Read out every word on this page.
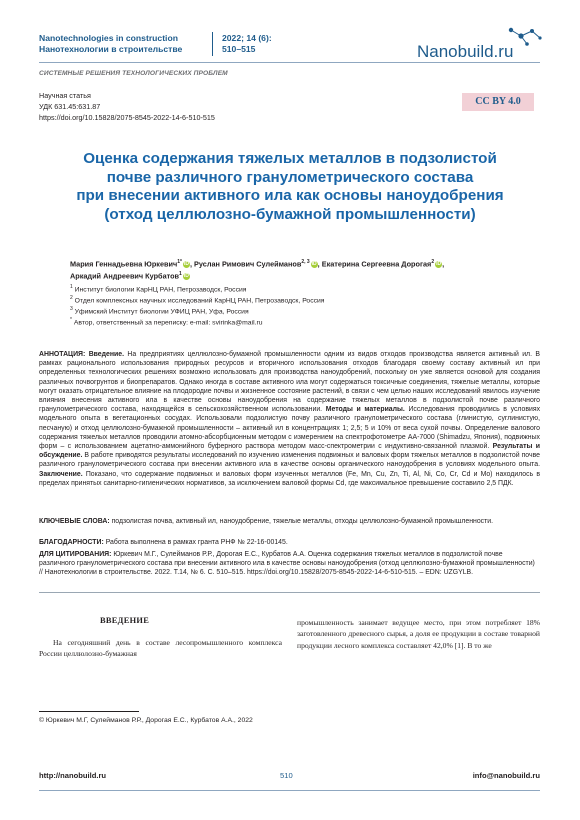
Nanotechnologies in construction
Нанотехнологии в строительстве
2022; 14 (6):
510–515	Nanobuild.ru
СИСТЕМНЫЕ РЕШЕНИЯ ТЕХНОЛОГИЧЕСКИХ ПРОБЛЕМ
Научная статья
УДК 631.45:631.87
https://doi.org/10.15828/2075-8545-2022-14-6-510-515
CC BY 4.0
Оценка содержания тяжелых металлов в подзолистой
почве различного гранулометрического состава
при внесении активного ила как основы наноудобрения
(отход целлюлозно-бумажной промышленности)
Мария Геннадьевна Юркевич$^{1*}$ iD, Руслан Римович Сулейманов$^{2, 3}$ iD, Екатерина Сергеевна Дорогая$^2$ iD,
Аркадий Андреевич Курбатов$^1$ iD
$^1$ Институт биологии КарНЦ РАН, Петрозаводск, Россия
$^2$ Отдел комплексных научных исследований КарНЦ РАН, Петрозаводск, Россия
$^3$ Уфимский Институт биологии УФИЦ РАН, Уфа, Россия
* Автор, ответственный за переписку: e-mail: svirinka@mail.ru
АННОТАЦИЯ: Введение. На предприятиях целлюлозно-бумажной промышленности одним из видов отходов производства является активный ил. В рамках рационального использования природных ресурсов и вторичного использования отходов благодаря своему составу активный ил при определенных технологических решениях возможно использовать для производства наноудобрений, поскольку он уже является основой для создания различных почвогрунтов и биопрепаратов. Однако иногда в составе активного ила могут содержаться токсичные соединения, тяжелые металлы, которые могут оказать отрицательное влияние на плодородие почвы и жизненное состояние растений, в связи с чем целью наших исследований явилось изучение влияния внесения активного ила в качестве основы наноудобрения на содержание тяжелых металлов в подзолистой почве различного гранулометрического состава, находящейся в сельскохозяйственном использовании. Методы и материалы. Исследования проводились в условиях модельного опыта в вегетационных сосудах. Использовали подзолистую почву различного гранулометрического состава (глинистую, суглинистую, песчаную) и отход целлюлозно-бумажной промышленности – активный ил в концентрациях 1; 2,5; 5 и 10% от веса сухой почвы. Определение валового содержания тяжелых металлов проводили атомно-абсорбционным методом с измерением на спектрофотометре AA-7000 (Shimadzu, Япония), подвижных форм – с использованием ацетатно-аммонийного буферного раствора методом масс-спектрометрии с индуктивно-связанной плазмой. Результаты и обсуждение. В работе приводятся результаты исследований по изучению изменения подвижных и валовых форм тяжелых металлов в подзолистой почве различного гранулометрического состава при внесении активного ила в качестве основы органического наноудобрения в условиях модельного опыта. Заключение. Показано, что содержание подвижных и валовых форм изученных металлов (Fe, Mn, Cu, Zn, Ti, Al, Ni, Co, Cr, Cd и Mo) находилось в пределах принятых санитарно-гигиенических нормативов, за исключением валовой формы Cd, где максимальное превышение составило 2,5 ПДК.
КЛЮЧЕВЫЕ СЛОВА: подзолистая почва, активный ил, наноудобрение, тяжелые металлы, отходы целлюлозно-бумажной промышленности.
БЛАГОДАРНОСТИ: Работа выполнена в рамках гранта РНФ № 22-16-00145.
ДЛЯ ЦИТИРОВАНИЯ: Юркевич М.Г., Сулейманов Р.Р., Дорогая Е.С., Курбатов А.А. Оценка содержания тяжелых металлов в подзолистой почве различного гранулометрического состава при внесении активного ила в качестве основы наноудобрения (отход целлюлозно-бумажной промышленности) // Нанотехнологии в строительстве. 2022. Т.14, № 6. С. 510–515. https://doi.org/10.15828/2075-8545-2022-14-6-510-515. – EDN: UZGYLB.
ВВЕДЕНИЕ
На сегодняшний день в составе лесопромышленного комплекса России целлюлозно-бумажная
промышленность занимает ведущее место, при этом потребляет 18% заготовленного древесного сырья, а доля ее продукции в составе товарной продукции лесного комплекса составляет 42,0% [1]. В то же
© Юркевич М.Г, Сулейманов Р.Р., Дорогая Е.С., Курбатов А.А., 2022
http://nanobuild.ru	510	info@nanobuild.ru
